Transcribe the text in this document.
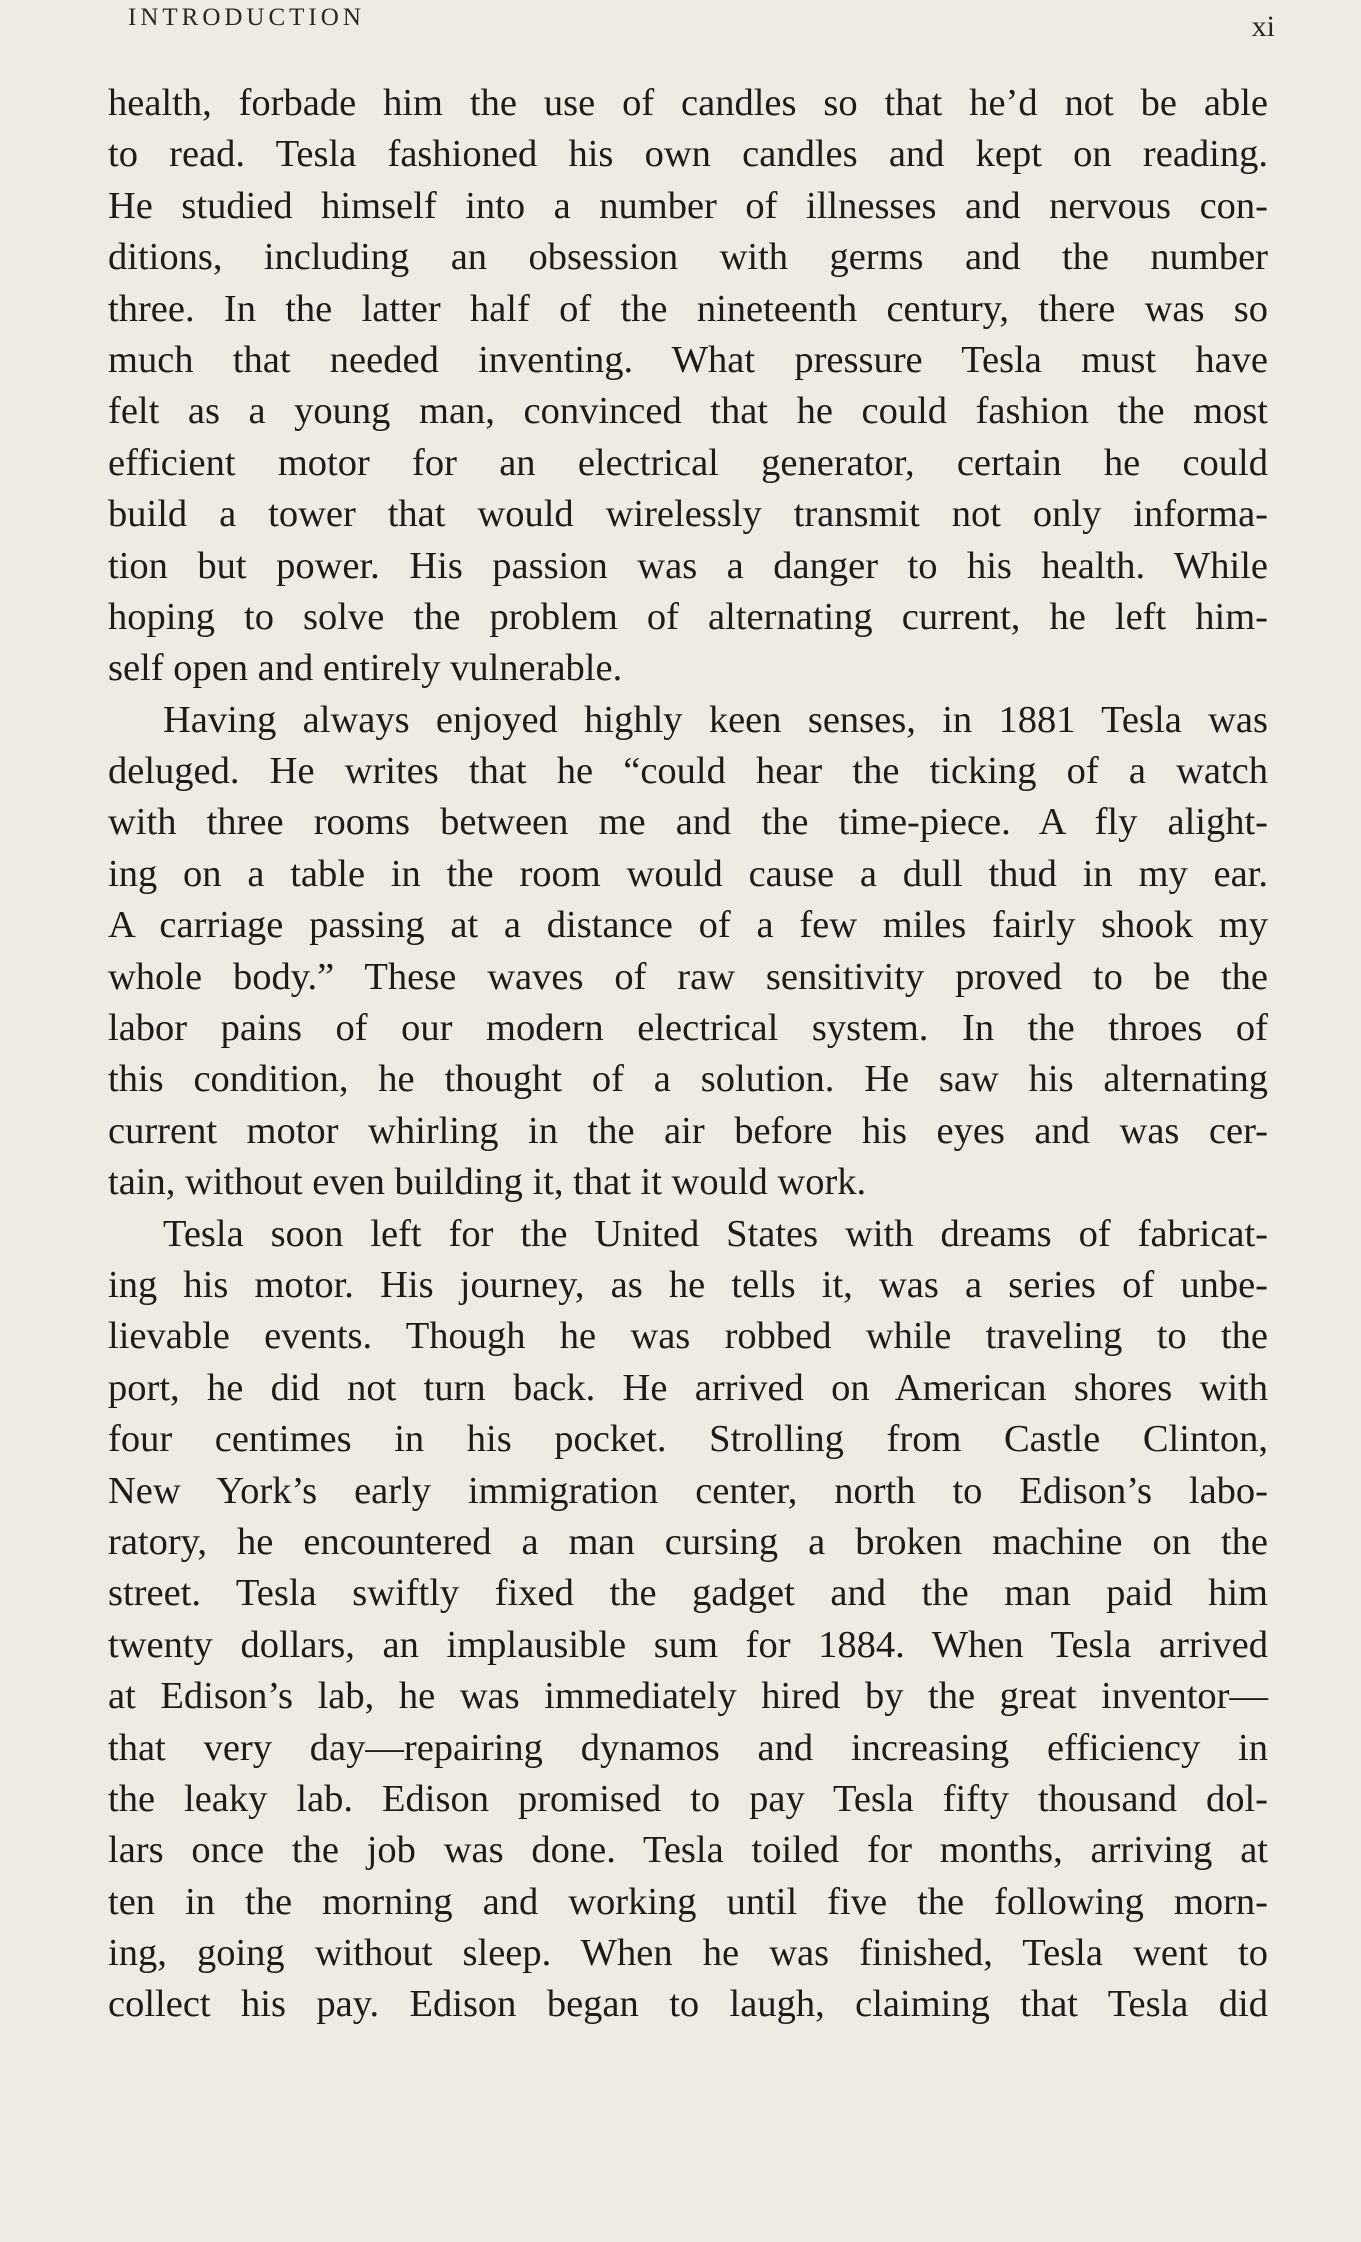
INTRODUCTION	xi
health, forbade him the use of candles so that he’d not be able
to read. Tesla fashioned his own candles and kept on reading.
He studied himself into a number of illnesses and nervous con-
ditions, including an obsession with germs and the number
three. In the latter half of the nineteenth century, there was so
much that needed inventing. What pressure Tesla must have
felt as a young man, convinced that he could fashion the most
efficient motor for an electrical generator, certain he could
build a tower that would wirelessly transmit not only informa-
tion but power. His passion was a danger to his health. While
hoping to solve the problem of alternating current, he left him-
self open and entirely vulnerable.
Having always enjoyed highly keen senses, in 1881 Tesla was
deluged. He writes that he “could hear the ticking of a watch
with three rooms between me and the time-piece. A fly alight-
ing on a table in the room would cause a dull thud in my ear.
A carriage passing at a distance of a few miles fairly shook my
whole body.” These waves of raw sensitivity proved to be the
labor pains of our modern electrical system. In the throes of
this condition, he thought of a solution. He saw his alternating
current motor whirling in the air before his eyes and was cer-
tain, without even building it, that it would work.
Tesla soon left for the United States with dreams of fabricat-
ing his motor. His journey, as he tells it, was a series of unbe-
lievable events. Though he was robbed while traveling to the
port, he did not turn back. He arrived on American shores with
four centimes in his pocket. Strolling from Castle Clinton,
New York’s early immigration center, north to Edison’s labo-
ratory, he encountered a man cursing a broken machine on the
street. Tesla swiftly fixed the gadget and the man paid him
twenty dollars, an implausible sum for 1884. When Tesla arrived
at Edison’s lab, he was immediately hired by the great inventor—
that very day—repairing dynamos and increasing efficiency in
the leaky lab. Edison promised to pay Tesla fifty thousand dol-
lars once the job was done. Tesla toiled for months, arriving at
ten in the morning and working until five the following morn-
ing, going without sleep. When he was finished, Tesla went to
collect his pay. Edison began to laugh, claiming that Tesla did
